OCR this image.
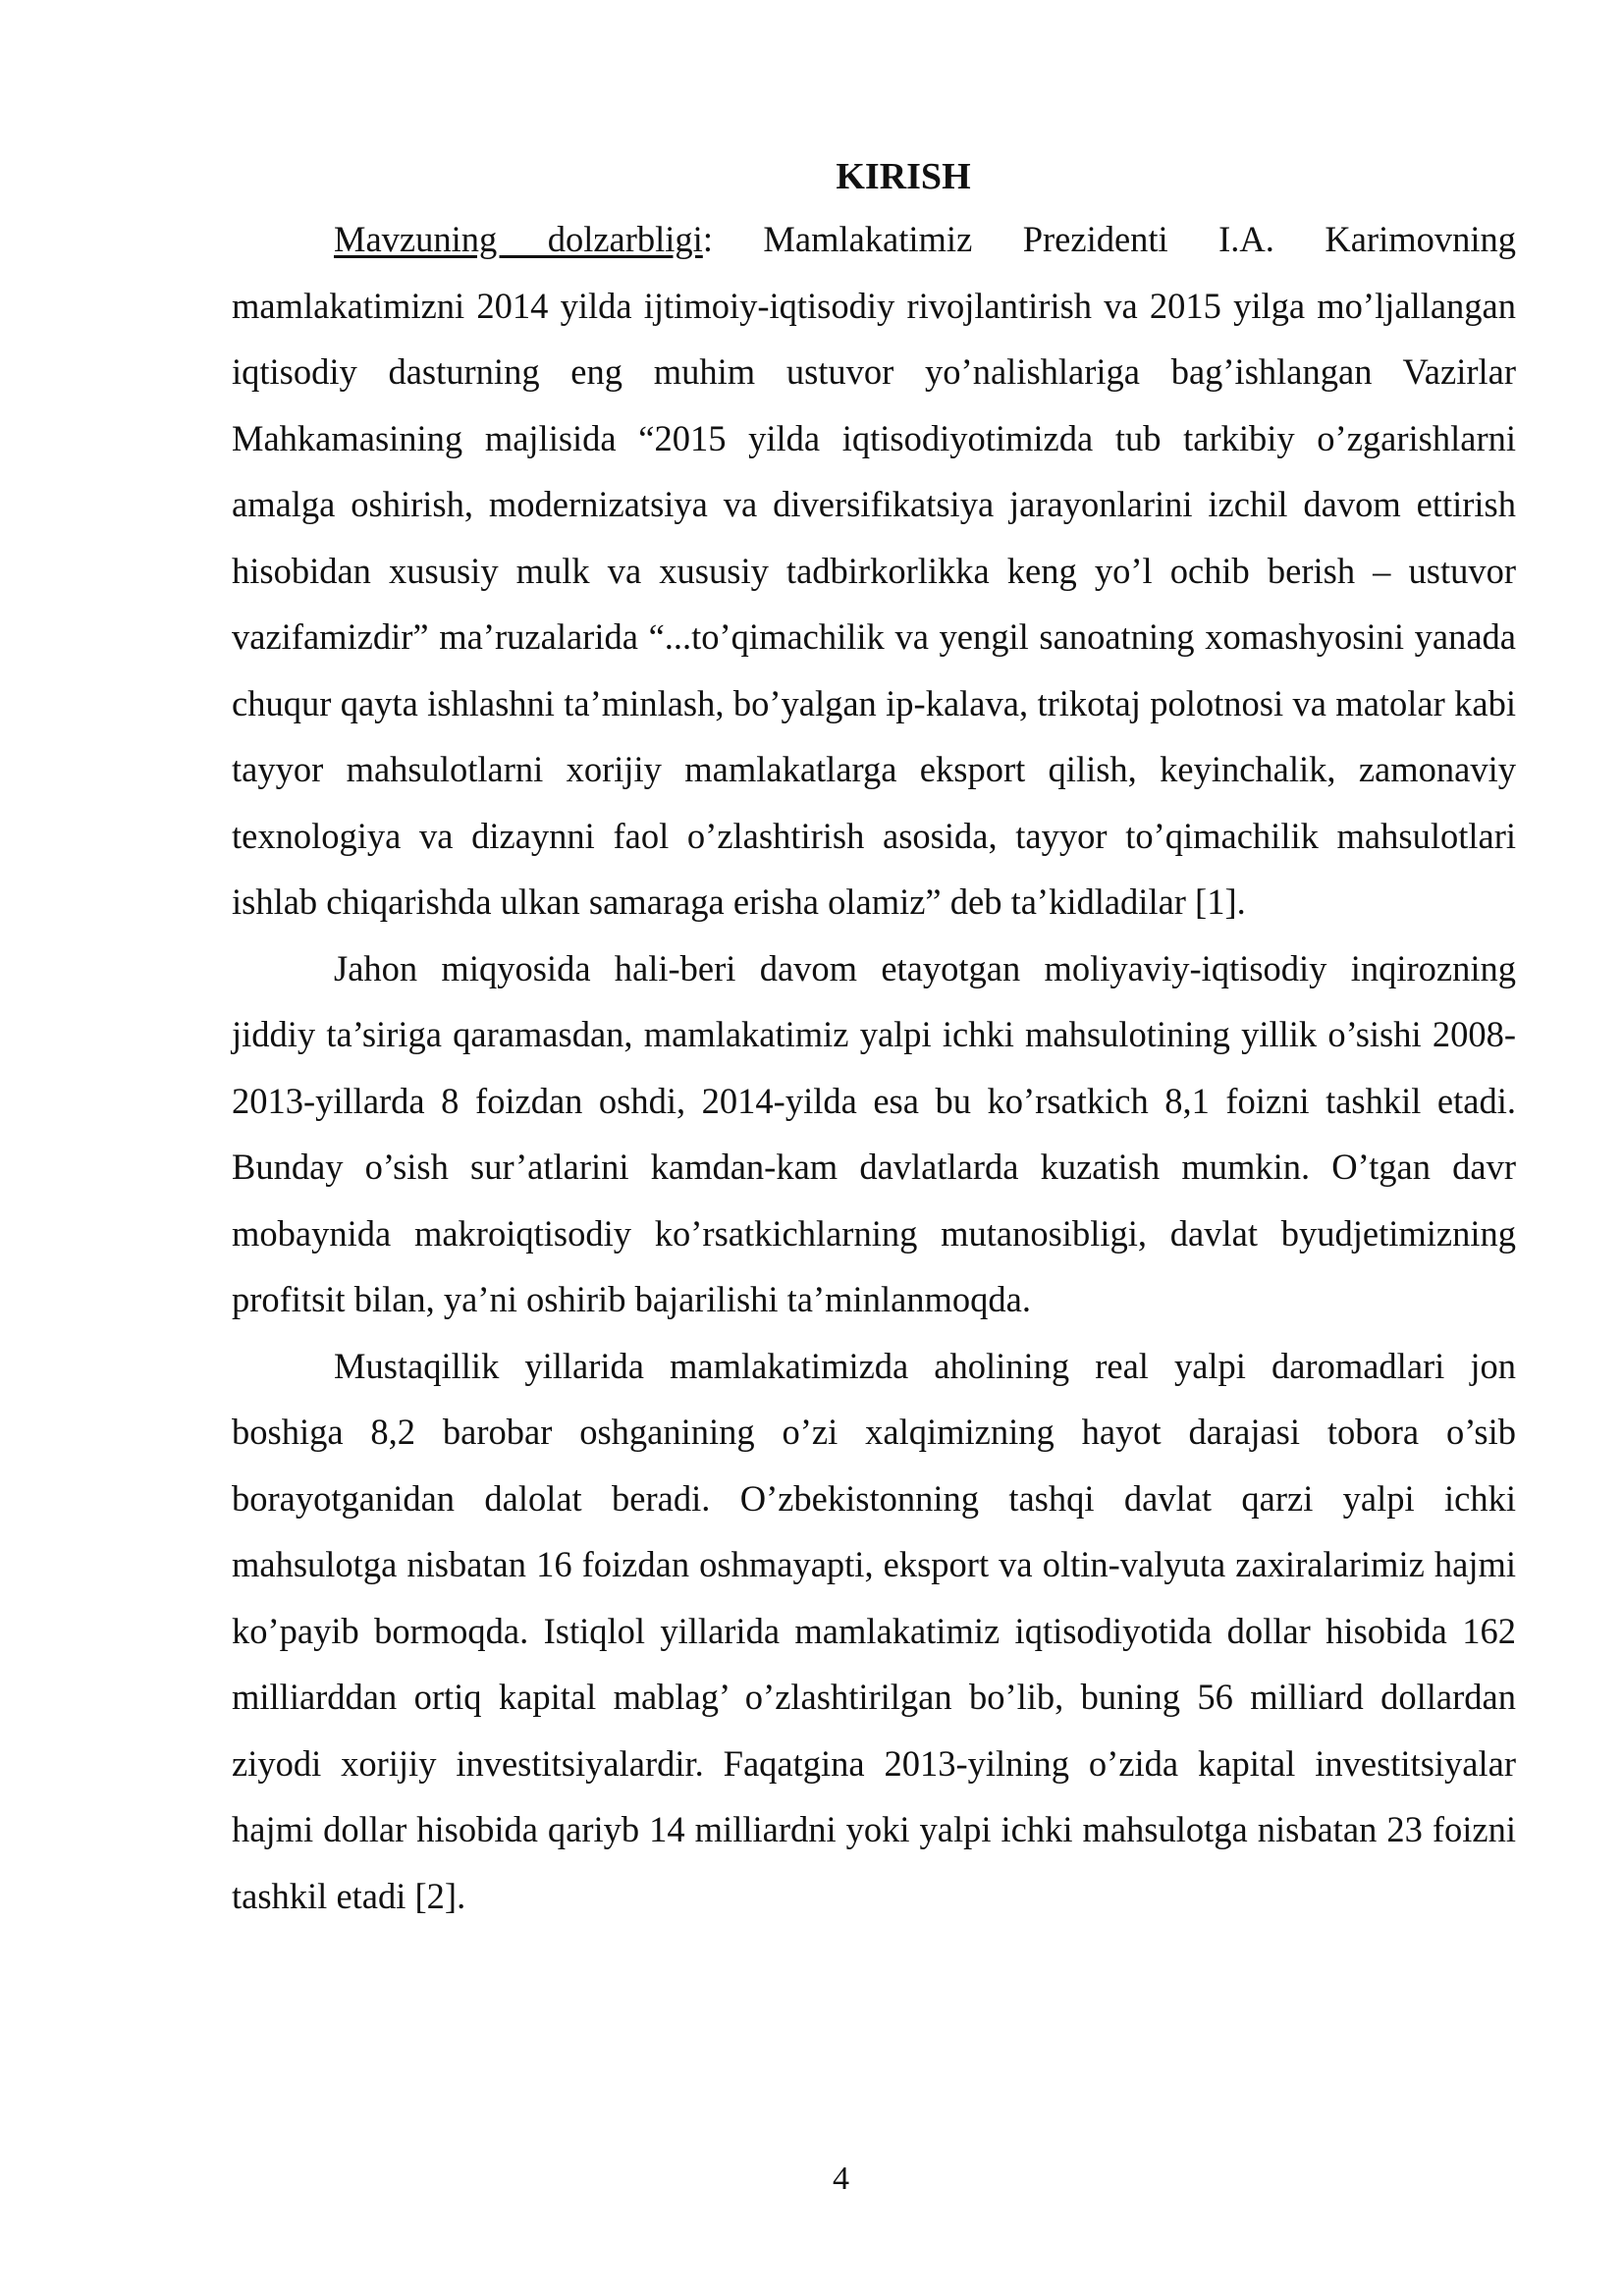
KIRISH

Mavzuning dolzarbligi: Mamlakatimiz Prezidenti I.A. Karimovning mamlakatimizni 2014 yilda ijtimoiy-iqtisodiy rivojlantirish va 2015 yilga mo’ljallangan iqtisodiy dasturning eng muhim ustuvor yo’nalishlariga bag’ishlangan Vazirlar Mahkamasining majlisida “2015 yilda iqtisodiyotimizda tub tarkibiy o’zgarishlarni amalga oshirish, modernizatsiya va diversifikatsiya jarayonlarini izchil davom ettirish hisobidan xususiy mulk va xususiy tadbirkorlikka keng yo’l ochib berish – ustuvor vazifamizdir” ma’ruzalarida “...to’qimachilik va yengil sanoatning xomashyosini yanada chuqur qayta ishlashni ta’minlash, bo’yalgan ip-kalava, trikotaj polotnosi va matolar kabi tayyor mahsulotlarni xorijiy mamlakatlarga eksport qilish, keyinchalik, zamonaviy texnologiya va dizaynni faol o’zlashtirish asosida, tayyor to’qimachilik mahsulotlari ishlab chiqarishda ulkan samaraga erisha olamiz” deb ta’kidladilar [1].

Jahon miqyosida hali-beri davom etayotgan moliyaviy-iqtisodiy inqirozning jiddiy ta’siriga qaramasdan, mamlakatimiz yalpi ichki mahsulotining yillik o’sishi 2008-2013-yillarda 8 foizdan oshdi, 2014-yilda esa bu ko’rsatkich 8,1 foizni tashkil etadi. Bunday o’sish sur’atlarini kamdan-kam davlatlarda kuzatish mumkin. O’tgan davr mobaynida makroiqtisodiy ko’rsatkichlarning mutanosibligi, davlat byudjetimizning profitsit bilan, ya’ni oshirib bajarilishi ta’minlanmoqda.

Mustaqillik yillarida mamlakatimizda aholining real yalpi daromadlari jon boshiga 8,2 barobar oshganining o’zi xalqimizning hayot darajasi tobora o’sib borayotganidan dalolat beradi. O’zbekistonning tashqi davlat qarzi yalpi ichki mahsulotga nisbatan 16 foizdan oshmayapti, eksport va oltin-valyuta zaxiralarimiz hajmi ko’payib bormoqda. Istiqlol yillarida mamlakatimiz iqtisodiyotida dollar hisobida 162 milliarddan ortiq kapital mablag’ o’zlashtirilgan bo’lib, buning 56 milliard dollardan ziyodi xorijiy investitsiyalardir. Faqatgina 2013-yilning o’zida kapital investitsiyalar hajmi dollar hisobida qariyb 14 milliardni yoki yalpi ichki mahsulotga nisbatan 23 foizni tashkil etadi [2].

4
